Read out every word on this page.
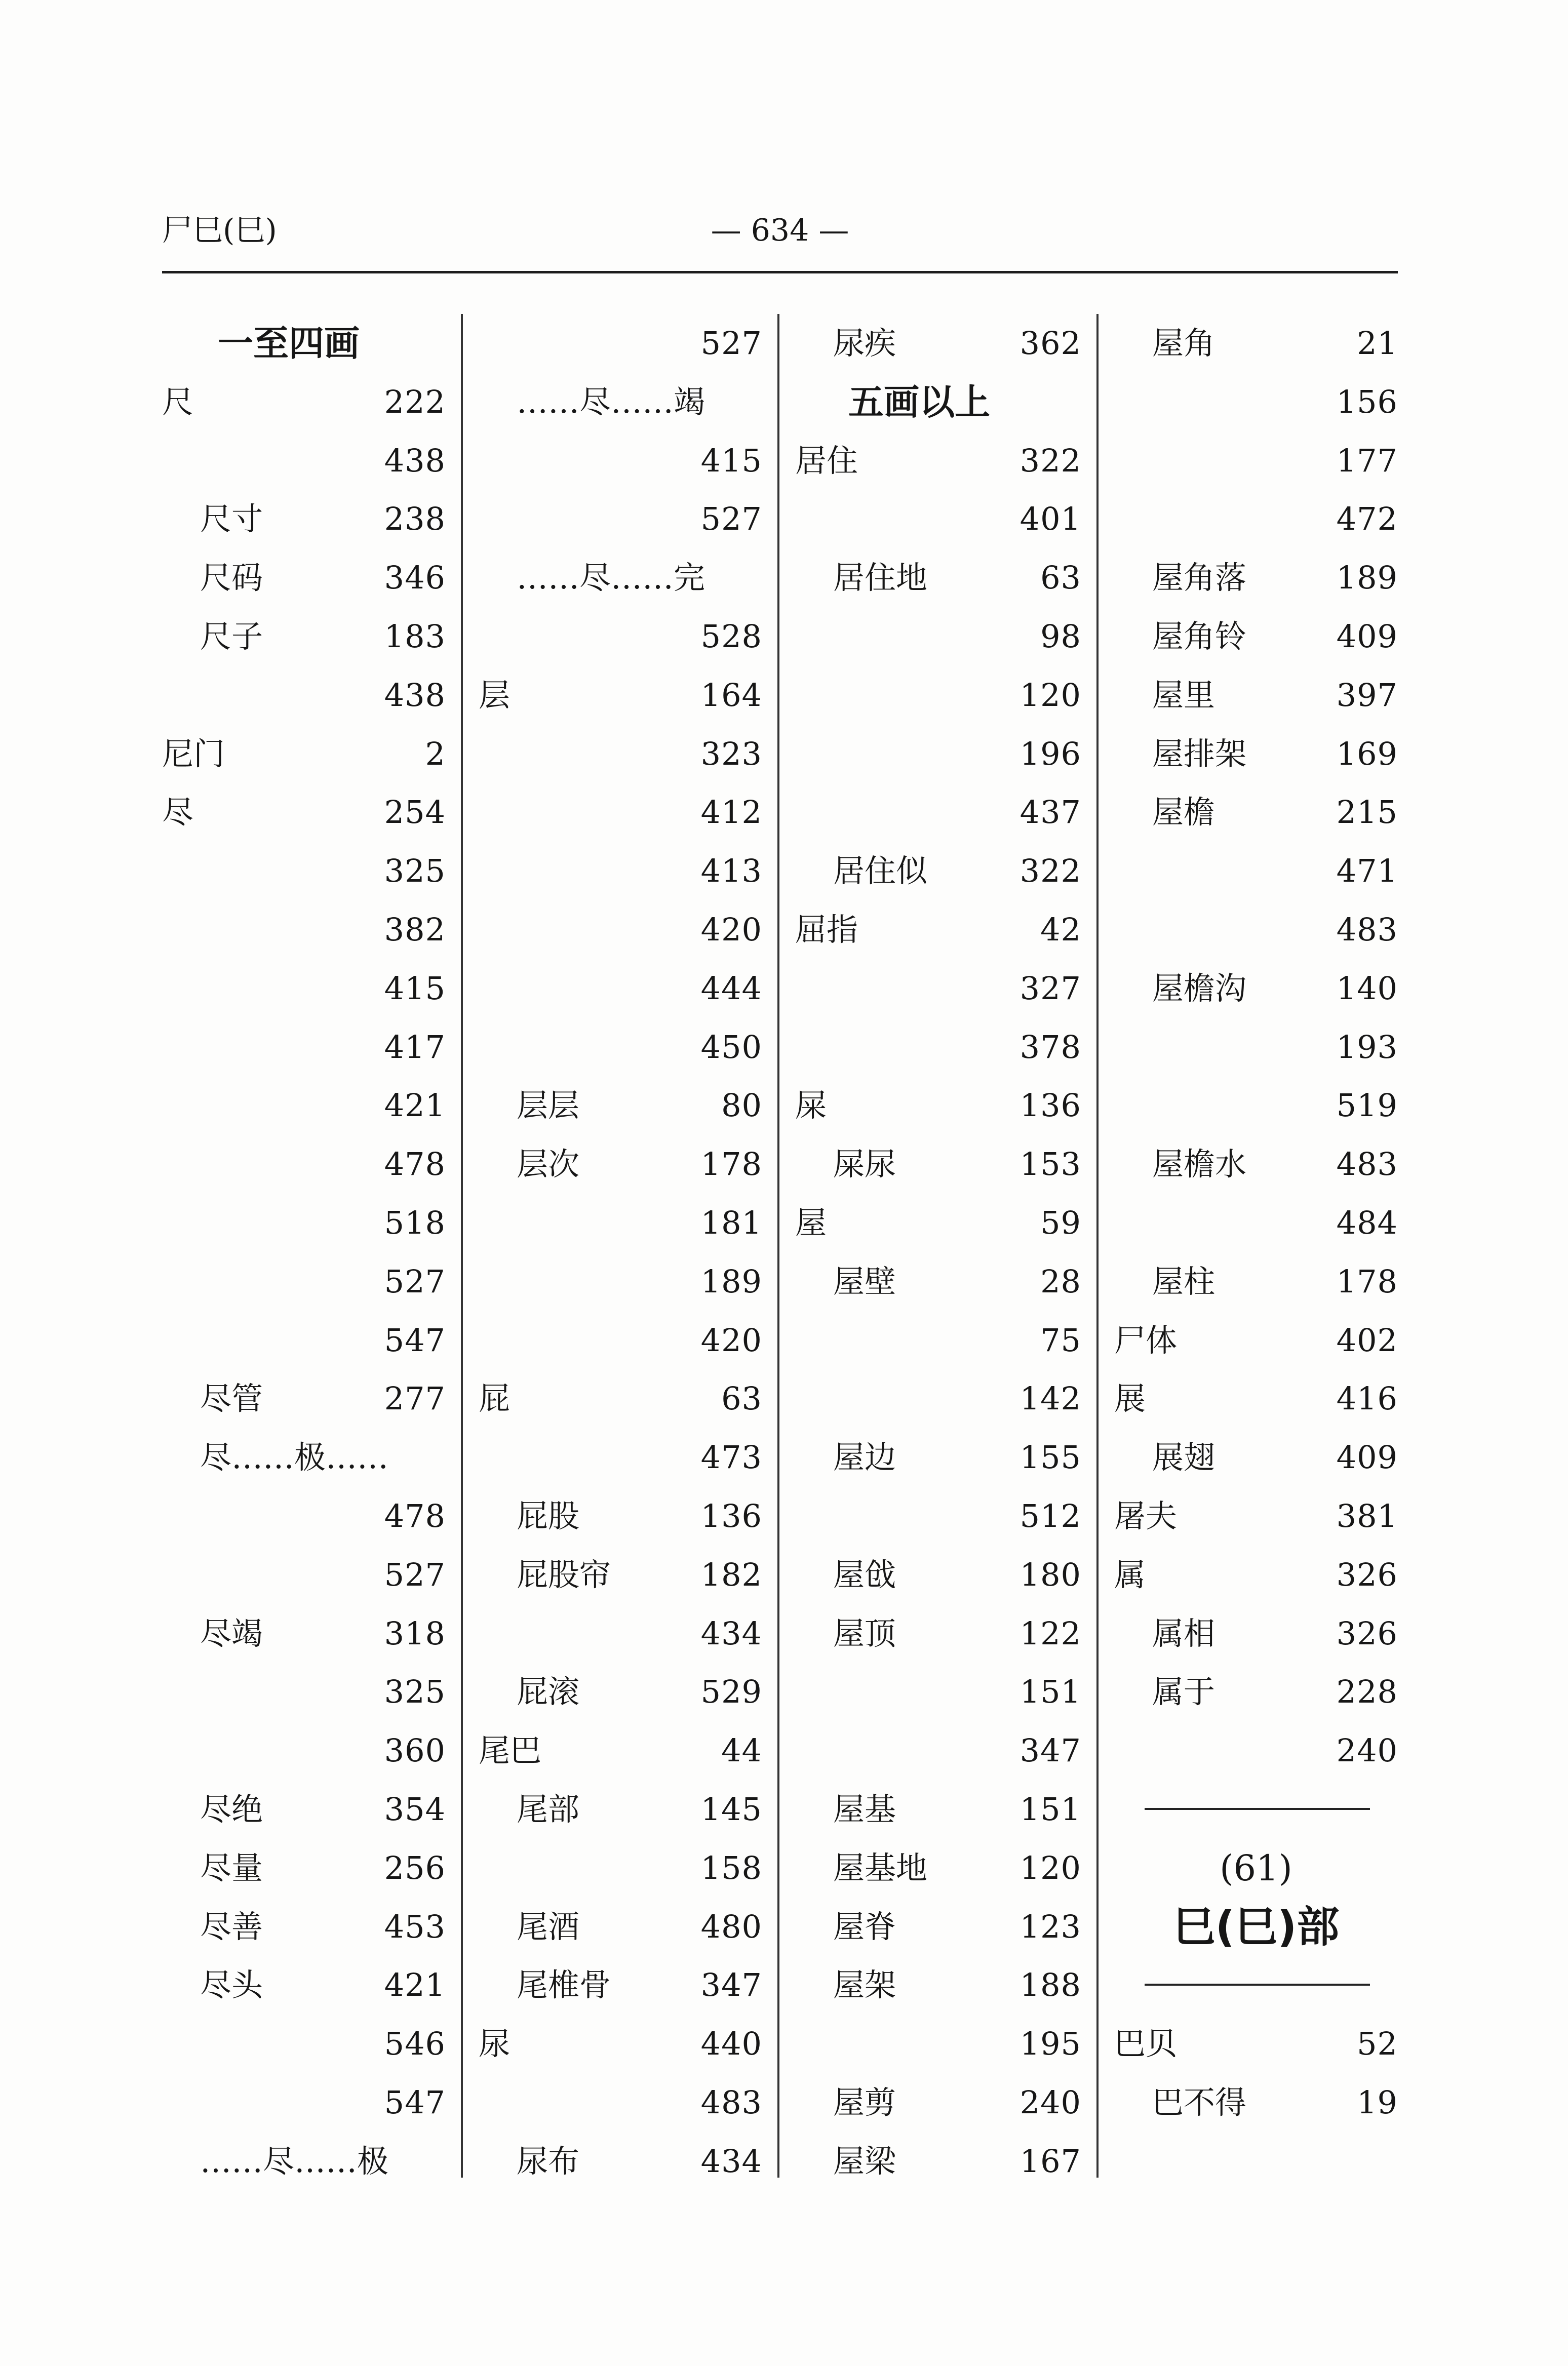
尸巳(巳)	— 634 —
一至四画
尺	222
438
尺寸	238
尺码	346
尺子	183
438
尼门	2
尽	254
325
382
415
417
421
478
518
527
547
尽管	277
尽……极……
478
527
尽竭	318
325
360
尽绝	354
尽量	256
尽善	453
尽头	421
546
547
……尽……极
527
……尽……竭
415
527
……尽……完
528
层	164
323
412
413
420
444
450
层层	80
层次	178
181
189
420
屁	63
473
屁股	136
屁股帘	182
434
屁滚	529
尾巴	44
尾部	145
158
尾酒	480
尾椎骨	347
尿	440
483
尿布	434
尿疾	362
五画以上
居住	322
401
居住地	63
98
120
196
437
居住似	322
屈指	42
327
378
屎	136
屎尿	153
屋	59
屋壁	28
75
142
屋边	155
512
屋戗	180
屋顶	122
151
347
屋基	151
屋基地	120
屋脊	123
屋架	188
195
屋剪	240
屋梁	167
屋角	21
156
177
472
屋角落	189
屋角铃	409
屋里	397
屋排架	169
屋檐	215
471
483
屋檐沟	140
193
519
屋檐水	483
484
屋柱	178
尸体	402
展	416
展翅	409
屠夫	381
属	326
属相	326
属于	228
240
(61)
巳(巳)部
巴贝	52
巴不得	19
